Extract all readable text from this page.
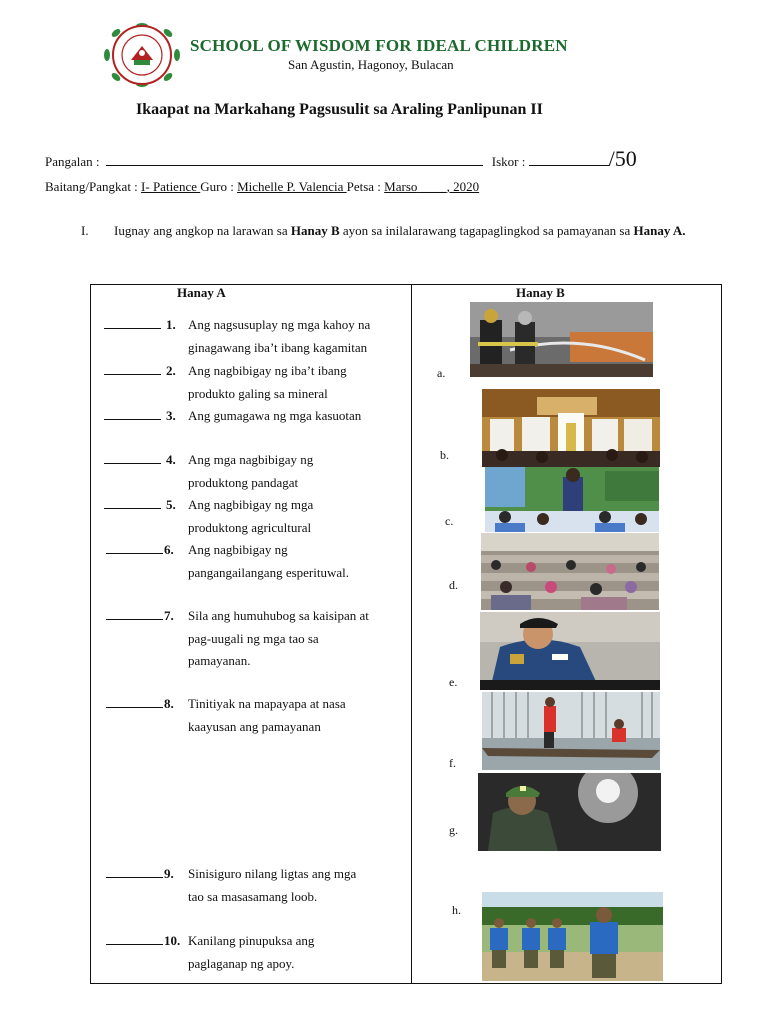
SCHOOL OF WISDOM FOR IDEAL CHILDREN
San Agustin, Hagonoy, Bulacan
Ikaapat na Markahang Pagsusulit sa Araling Panlipunan II
Pangalan :	Iskor :	/50
Baitang/Pangkat : I- Patience Guro : Michelle P. Valencia Petsa : Marso ____, 2020
I. Iugnay ang angkop na larawan sa Hanay B ayon sa inilalarawang tagapaglingkod sa pamayanan sa Hanay A.
Hanay A	Hanay B
1. Ang nagsusuplay ng mga kahoy na
ginagawang iba’t ibang kagamitan
2. Ang nagbibigay ng iba’t ibang
produkto galing sa mineral
3. Ang gumagawa ng mga kasuotan
4. Ang mga nagbibigay ng
produktong pandagat
5. Ang nagbibigay ng mga
produktong agricultural
6. Ang nagbibigay ng
pangangailangang esperituwal.
7. Sila ang humuhubog sa kaisipan at
pag-uugali ng mga tao sa
pamayanan.
8. Tinitiyak na mapayapa at nasa
kaayusan ang pamayanan
9. Sinisiguro nilang ligtas ang mga
tao sa masasamang loob.
10. Kanilang pinupuksa ang
paglaganap ng apoy.
a.
b.
c.
d.
e.
f.
g.
h.
